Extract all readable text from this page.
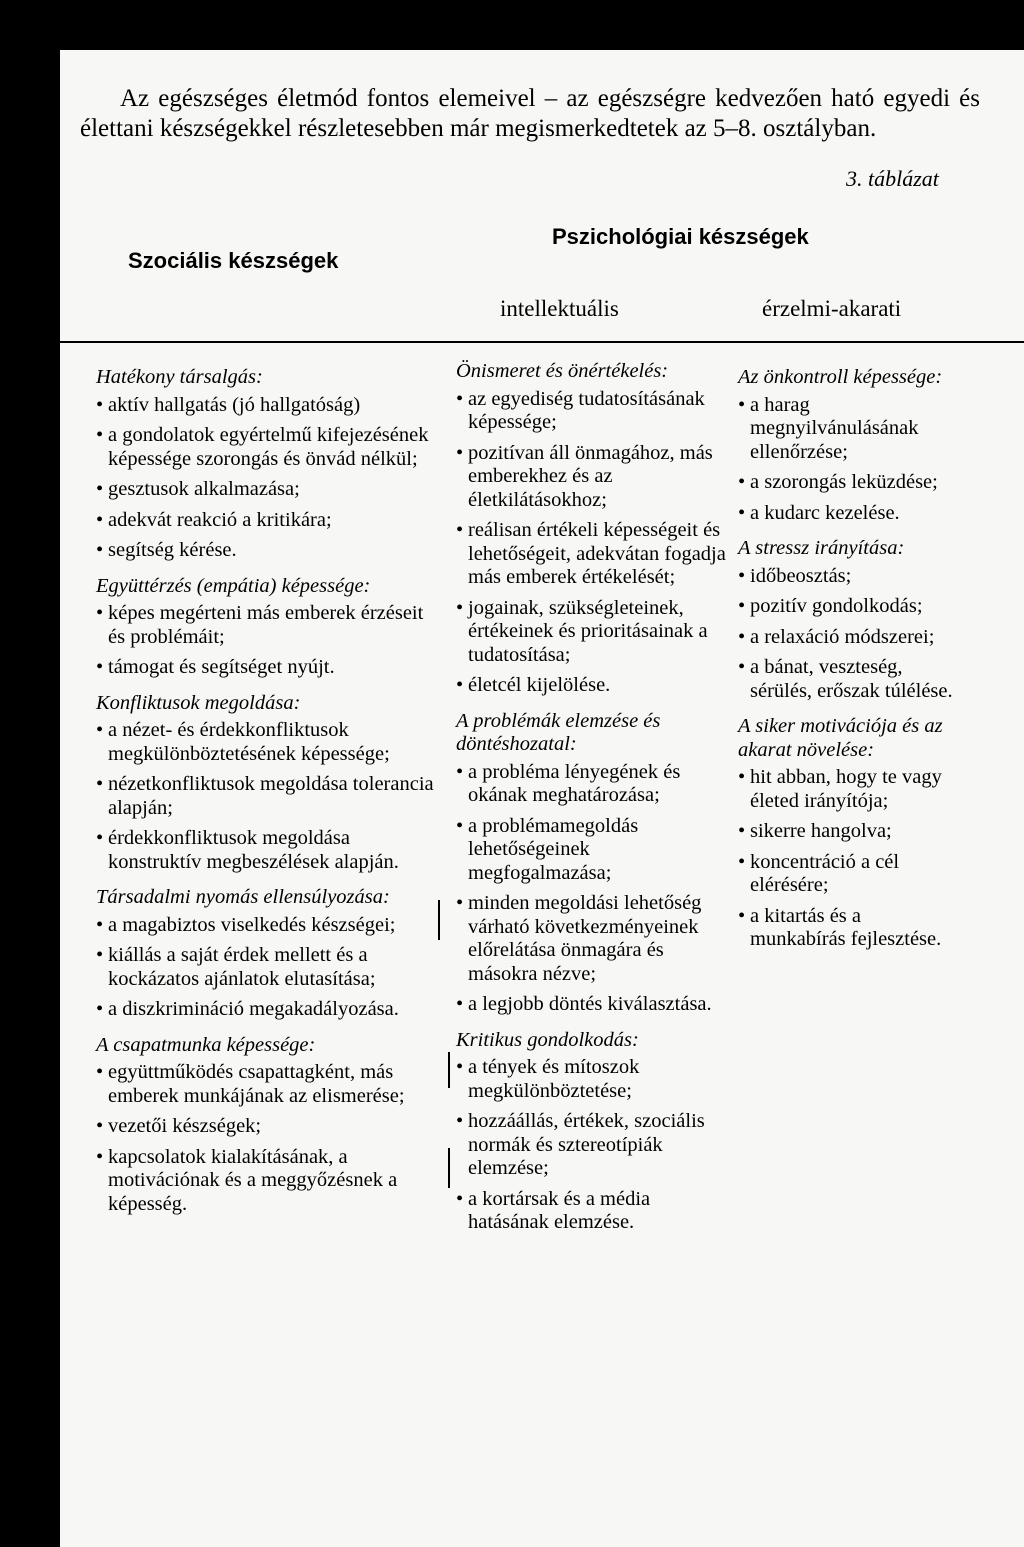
Az egészséges életmód fontos elemeivel – az egészségre kedvezően ható egyedi és élettani készségekkel részletesebben már megismerkedtetek az 5–8. osztályban.

3. táblázat
Szociális készségek
Pszichológiai készségek
intellektuális	érzelmi-akarati
Hatékony társalgás:
• aktív hallgatás (jó hallgatóság)
• a gondolatok egyértelmű kifejezésének képessége szorongás és önvád nélkül;
• gesztusok alkalmazása;
• adekvát reakció a kritikára;
• segítség kérése.
Együttérzés (empátia) képessége:
• képes megérteni más emberek érzéseit és problémáit;
• támogat és segítséget nyújt.
Konfliktusok megoldása:
• a nézet- és érdekkonfliktusok megkülönböztetésének képessége;
• nézetkonfliktusok megoldása tolerancia alapján;
• érdekkonfliktusok megoldása konstruktív megbeszélések alapján.
Társadalmi nyomás ellensúlyozása:
• a magabiztos viselkedés készségei;
• kiállás a saját érdek mellett és a kockázatos ajánlatok elutasítása;
• a diszkrimináció megakadályozása.
A csapatmunka képessége:
• együttműködés csapattagként, más emberek munkájának az elismerése;
• vezetői készségek;
• kapcsolatok kialakításának, a motivációnak és a meggyőzésnek a képesség.
Önismeret és önértékelés:
• az egyediség tudatosításának képessége;
• pozitívan áll önmagához, más emberekhez és az életkilátásokhoz;
• reálisan értékeli képességeit és lehetőségeit, adekvátan fogadja más emberek értékelését;
• jogainak, szükségleteinek, értékeinek és prioritásainak a tudatosítása;
• életcél kijelölése.
A problémák elemzése és döntéshozatal:
• a probléma lényegének és okának meghatározása;
• a problémamegoldás lehetőségeinek megfogalmazása;
• minden megoldási lehetőség várható következményeinek előrelátása önmagára és másokra nézve;
• a legjobb döntés kiválasztása.
Kritikus gondolkodás:
• a tények és mítoszok megkülönböztetése;
• hozzáállás, értékek, szociális normák és sztereotípiák elemzése;
• a kortársak és a média hatásának elemzése.
Az önkontroll képessége:
• a harag megnyilvánulásának ellenőrzése;
• a szorongás leküzdése;
• a kudarc kezelése.
A stressz irányítása:
• időbeosztás;
• pozitív gondolkodás;
• a relaxáció módszerei;
• a bánat, veszteség, sérülés, erőszak túlélése.
A siker motivációja és az akarat növelése:
• hit abban, hogy te vagy életed irányítója;
• sikerre hangolva;
• koncentráció a cél elérésére;
• a kitartás és a munkabírás fejlesztése.
